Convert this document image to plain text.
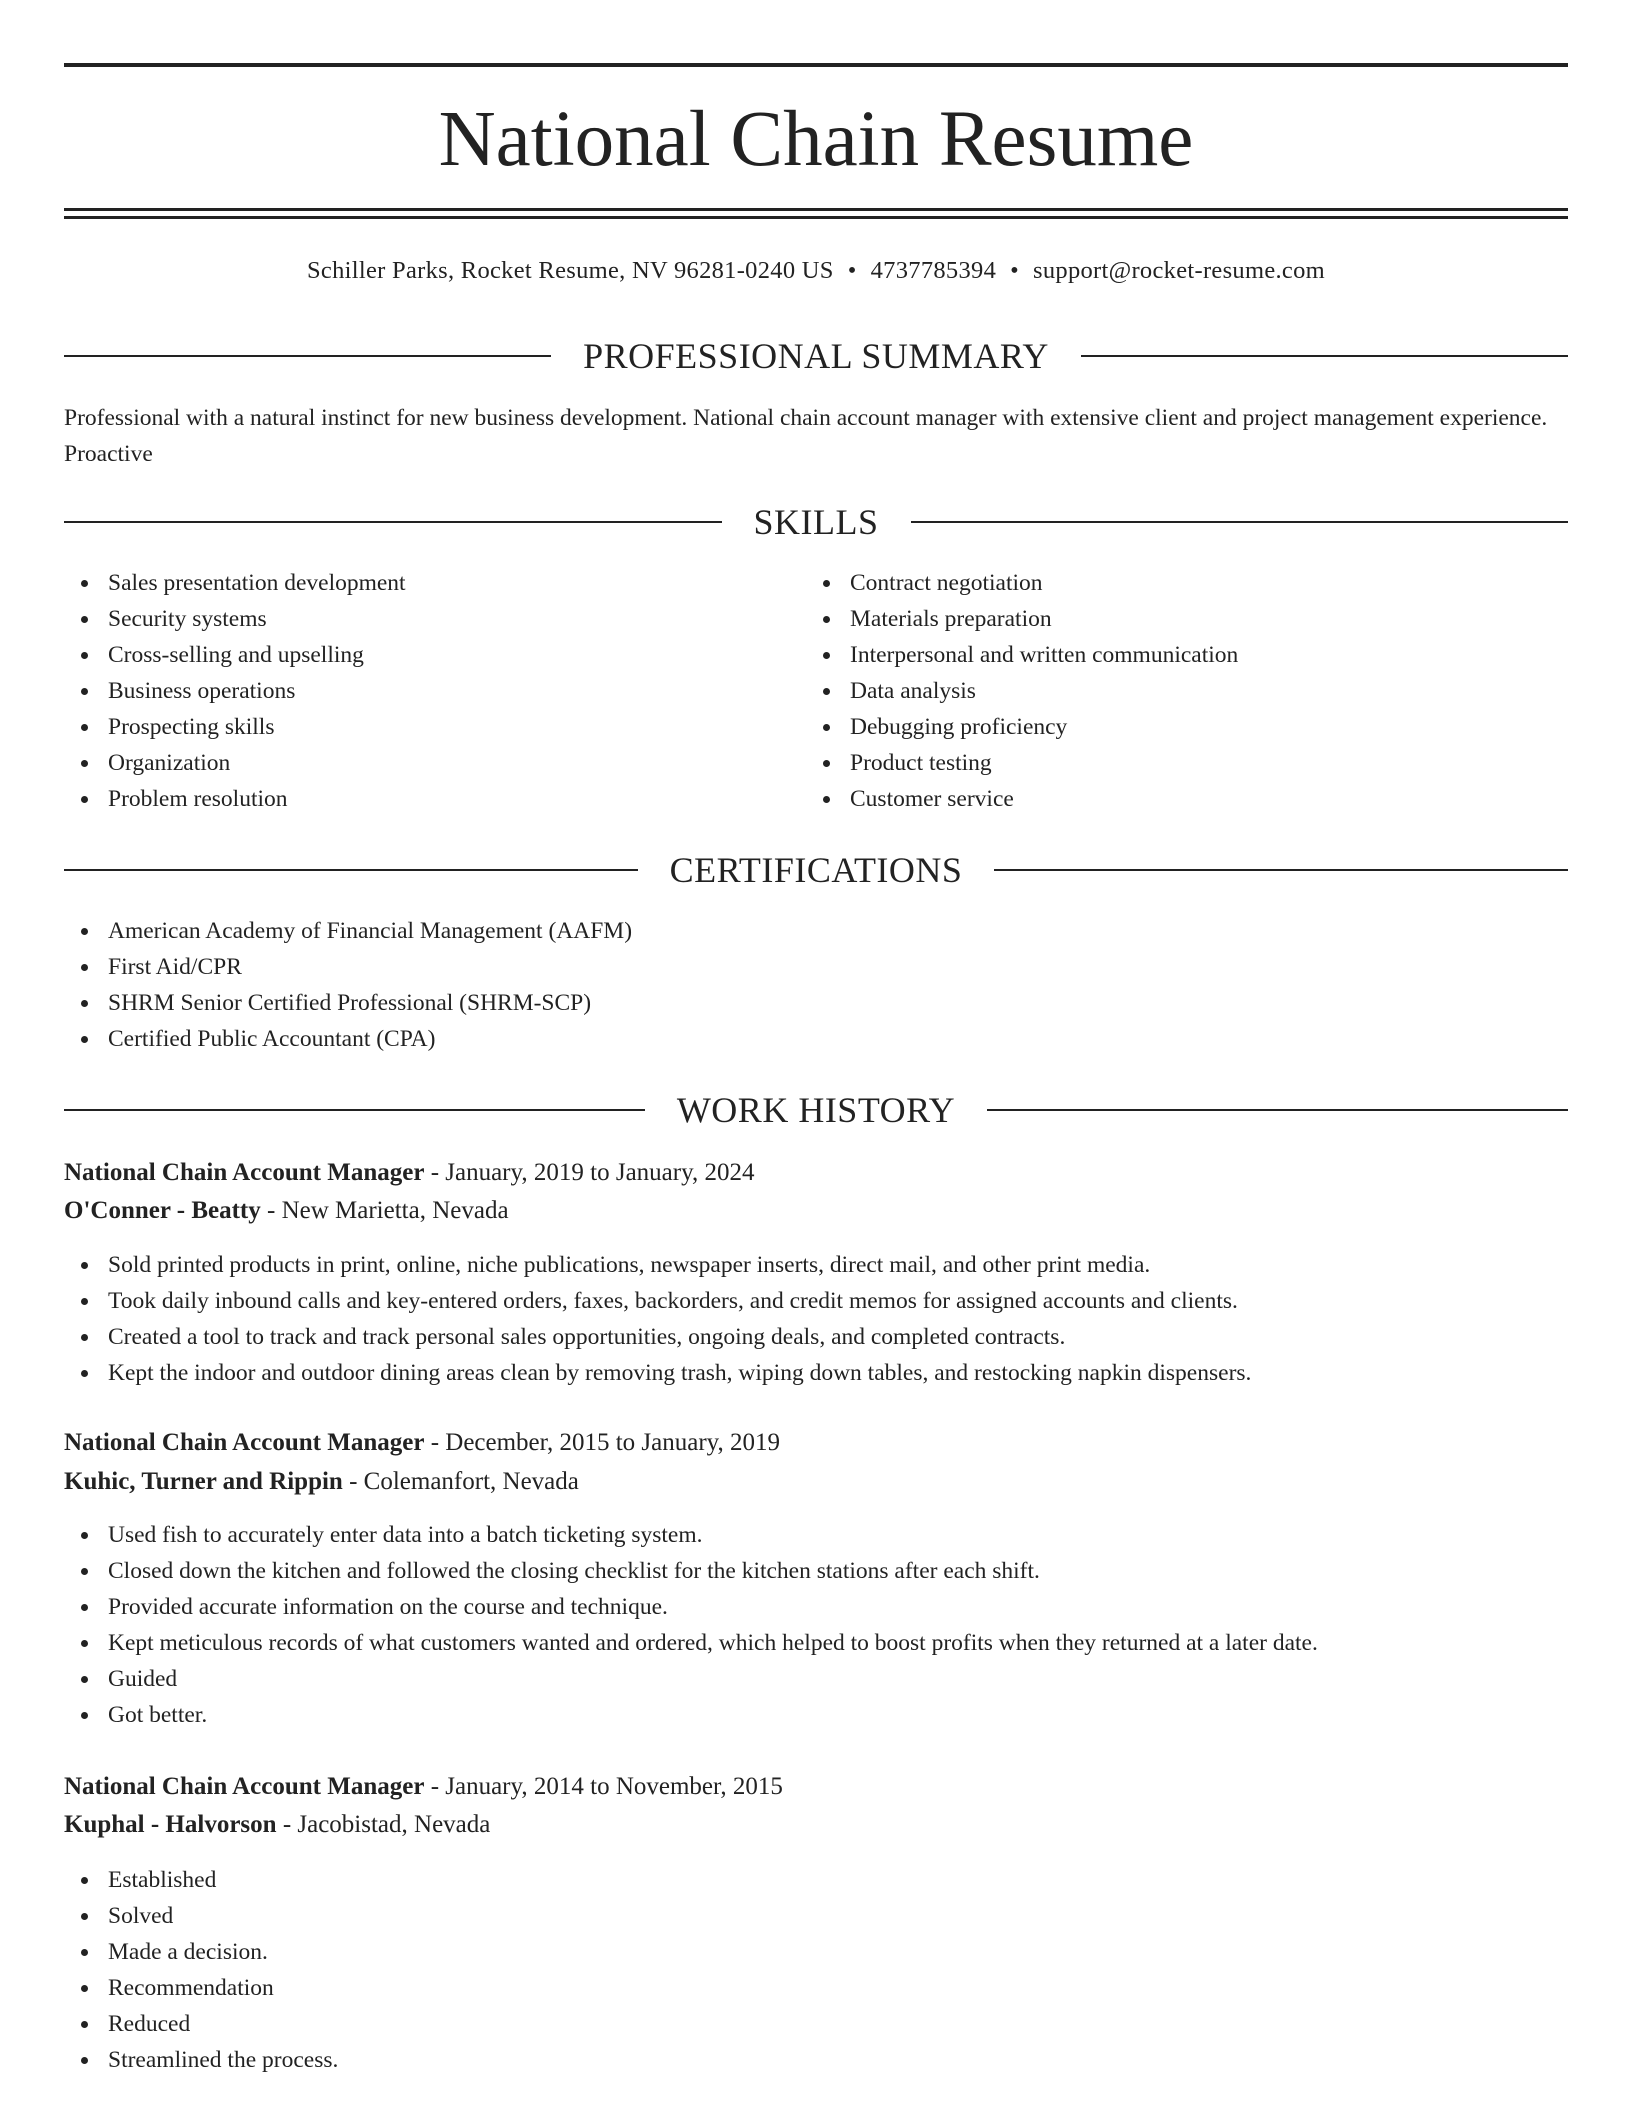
National Chain Resume
Schiller Parks, Rocket Resume, NV 96281-0240 US • 4737785394 • support@rocket-resume.com
PROFESSIONAL SUMMARY

Professional with a natural instinct for new business development. National chain account manager with extensive client and project management experience. Proactive

SKILLS
Sales presentation development
Security systems
Cross-selling and upselling
Business operations
Prospecting skills
Organization
Problem resolution
Contract negotiation
Materials preparation
Interpersonal and written communication
Data analysis
Debugging proficiency
Product testing
Customer service
CERTIFICATIONS
American Academy of Financial Management (AAFM)
First Aid/CPR
SHRM Senior Certified Professional (SHRM-SCP)
Certified Public Accountant (CPA)
WORK HISTORY
National Chain Account Manager - January, 2019 to January, 2024
O'Conner - Beatty - New Marietta, Nevada
Sold printed products in print, online, niche publications, newspaper inserts, direct mail, and other print media.
Took daily inbound calls and key-entered orders, faxes, backorders, and credit memos for assigned accounts and clients.
Created a tool to track and track personal sales opportunities, ongoing deals, and completed contracts.
Kept the indoor and outdoor dining areas clean by removing trash, wiping down tables, and restocking napkin dispensers.
National Chain Account Manager - December, 2015 to January, 2019
Kuhic, Turner and Rippin - Colemanfort, Nevada
Used fish to accurately enter data into a batch ticketing system.
Closed down the kitchen and followed the closing checklist for the kitchen stations after each shift.
Provided accurate information on the course and technique.
Kept meticulous records of what customers wanted and ordered, which helped to boost profits when they returned at a later date.
Guided
Got better.
National Chain Account Manager - January, 2014 to November, 2015
Kuphal - Halvorson - Jacobistad, Nevada
Established
Solved
Made a decision.
Recommendation
Reduced
Streamlined the process.
